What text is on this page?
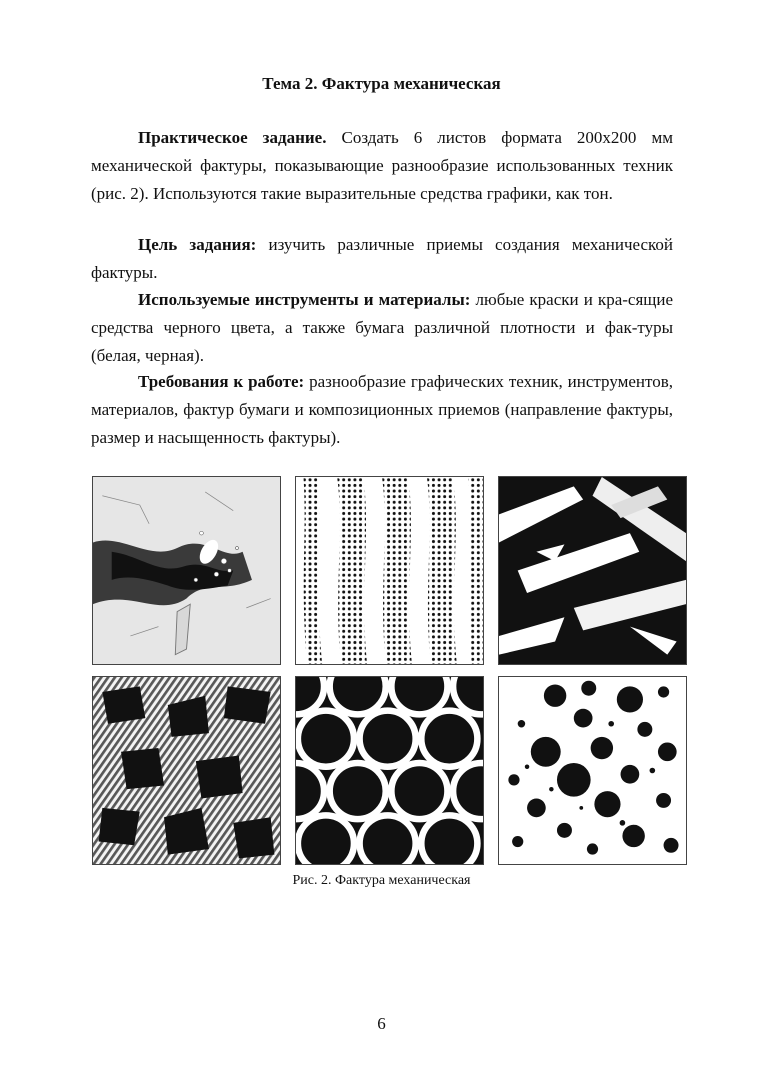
Тема 2. Фактура механическая

Практическое задание. Создать 6 листов формата 200x200 мм механической фактуры, показывающие разнообразие использованных техник (рис. 2). Используются такие выразительные средства графики, как тон.

Цель задания: изучить различные приемы создания механической фактуры.

Используемые инструменты и материалы: любые краски и кра-сящие средства черного цвета, а также бумага различной плотности и фак-туры (белая, черная).

Требования к работе: разнообразие графических техник, инструментов, материалов, фактур бумаги и композиционных приемов (направление фактуры, размер и насыщенность фактуры).

Рис. 2. Фактура механическая
6
